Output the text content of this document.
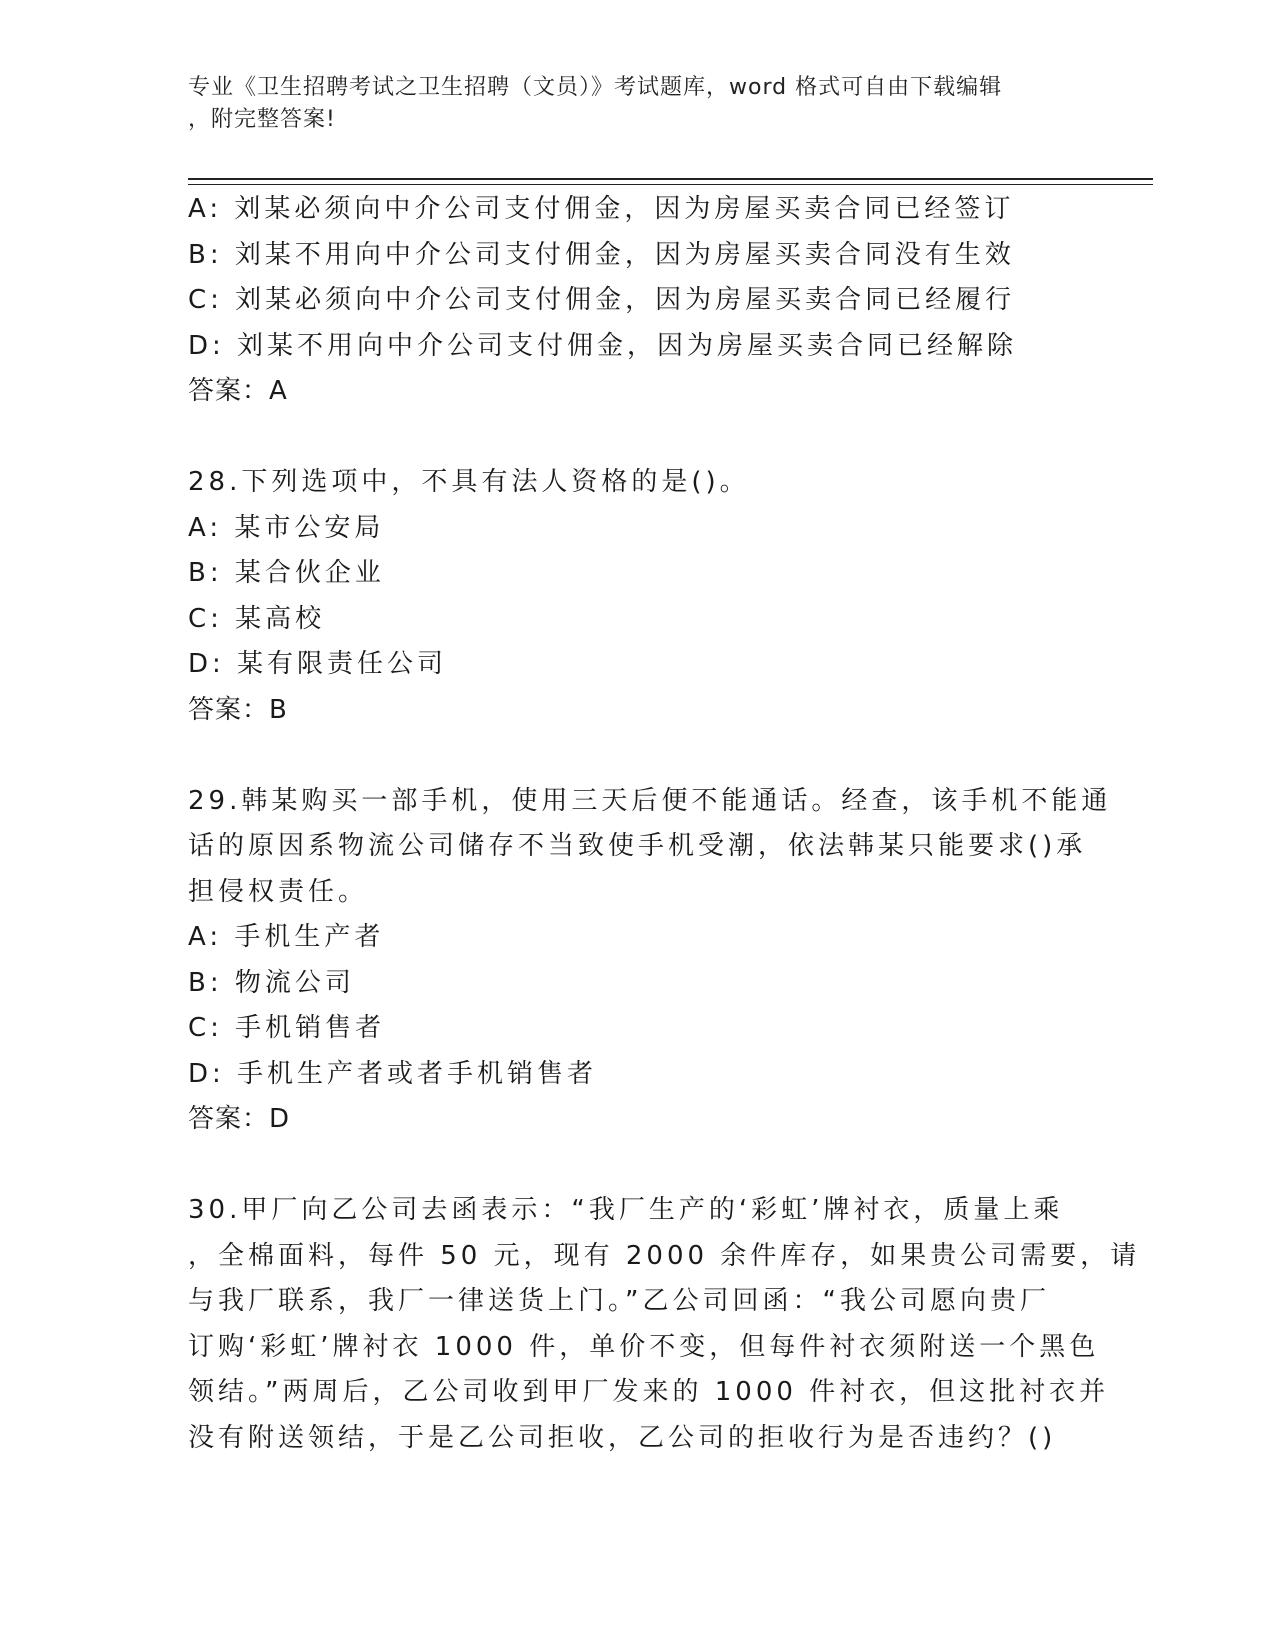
专业《卫生招聘考试之卫生招聘（文员）》考试题库，word 格式可自由下载编辑
，附完整答案!
A: 刘某必须向中介公司支付佣金，因为房屋买卖合同已经签订
B: 刘某不用向中介公司支付佣金，因为房屋买卖合同没有生效
C: 刘某必须向中介公司支付佣金，因为房屋买卖合同已经履行
D: 刘某不用向中介公司支付佣金，因为房屋买卖合同已经解除
答案：A
28.下列选项中，不具有法人资格的是()。
A: 某市公安局
B: 某合伙企业
C: 某高校
D: 某有限责任公司
答案：B
29.韩某购买一部手机，使用三天后便不能通话。经查，该手机不能通
话的原因系物流公司储存不当致使手机受潮，依法韩某只能要求()承
担侵权责任。
A: 手机生产者
B: 物流公司
C: 手机销售者
D: 手机生产者或者手机销售者
答案：D
30.甲厂向乙公司去函表示：“我厂生产的‘彩虹’牌衬衣，质量上乘
，全棉面料，每件 50 元，现有 2000 余件库存，如果贵公司需要，请
与我厂联系，我厂一律送货上门。”乙公司回函：“我公司愿向贵厂
订购‘彩虹’牌衬衣 1000 件，单价不变，但每件衬衣须附送一个黑色
领结。”两周后，乙公司收到甲厂发来的 1000 件衬衣，但这批衬衣并
没有附送领结，于是乙公司拒收，乙公司的拒收行为是否违约？()
